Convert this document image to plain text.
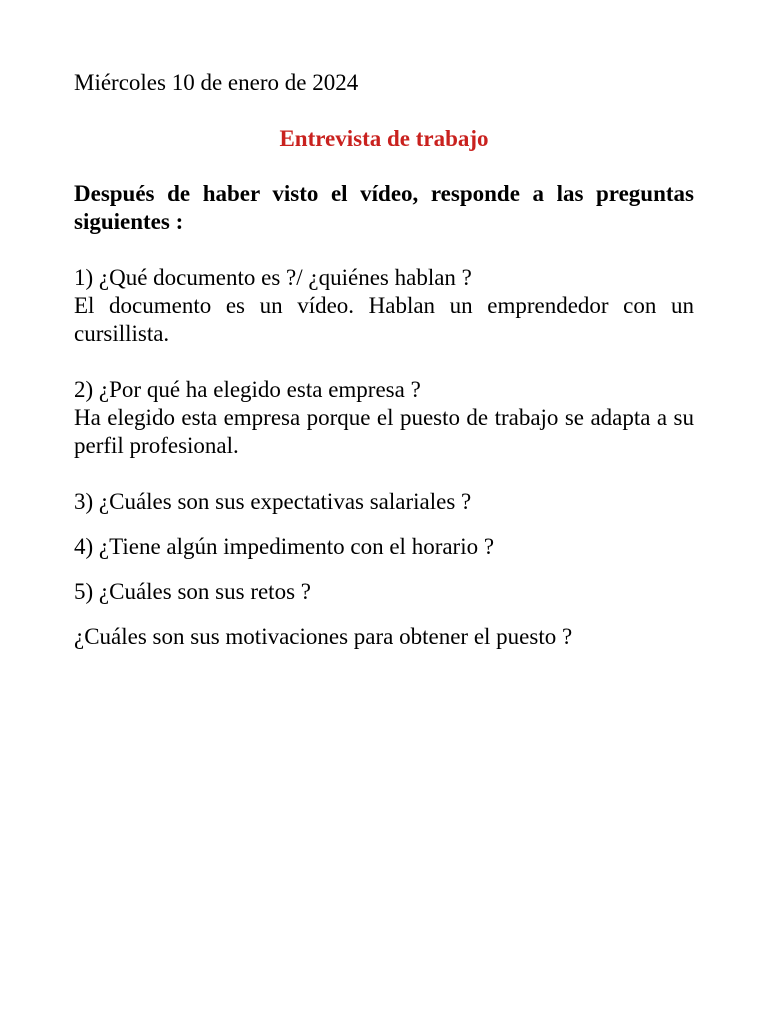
Miércoles 10 de enero de 2024

Entrevista de trabajo

Después de haber visto el vídeo, responde a las preguntas siguientes :

1) ¿Qué documento es ?/ ¿quiénes hablan ?

El documento es un vídeo. Hablan un emprendedor con un cursillista.

2) ¿Por qué ha elegido esta empresa ?

Ha elegido esta empresa porque el puesto de trabajo se adapta a su perfil profesional.

3) ¿Cuáles son sus expectativas salariales ?

4) ¿Tiene algún impedimento con el horario ?

5) ¿Cuáles son sus retos ?

¿Cuáles son sus motivaciones para obtener el puesto ?
